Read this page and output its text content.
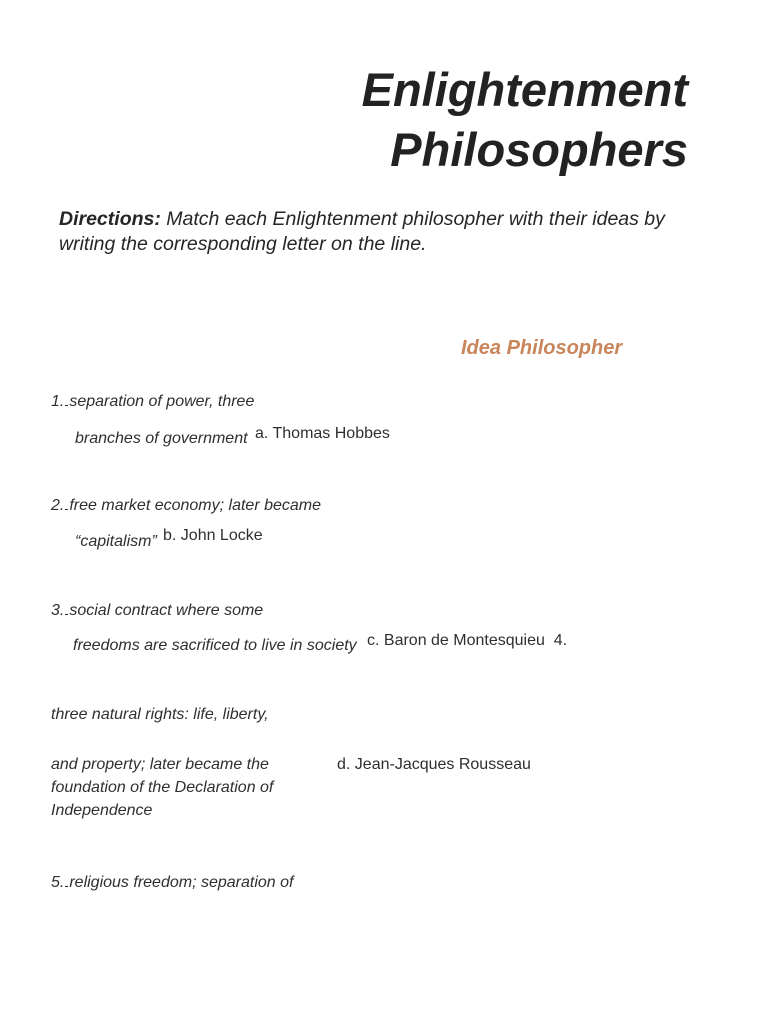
Enlightenment
Philosophers
Directions: Match each Enlightenment philosopher with their ideas by writing the corresponding letter on the line.
Idea Philosopher
1. separation of power, three
branches of government a. Thomas Hobbes
2. free market economy; later became
“capitalism” b. John Locke
3. social contract where some
freedoms are sacrificed to live in society c. Baron de Montesquieu 4.
three natural rights: life, liberty,
and property; later became the
foundation of the Declaration of
Independence
d. Jean-Jacques Rousseau
5. religious freedom; separation of
